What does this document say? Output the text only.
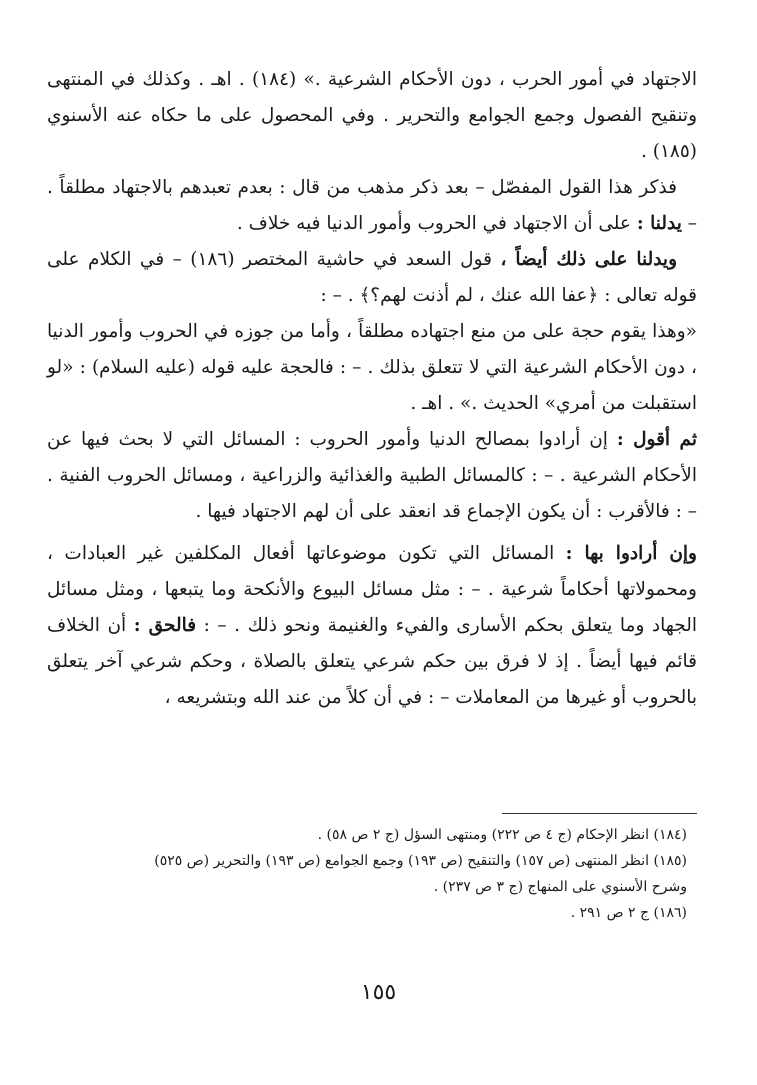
الاجتهاد في أمور الحرب ، دون الأحكام الشرعية .» (١٨٤) . اهـ . وكذلك في المنتهى وتنقيح الفصول وجمع الجوامع والتحرير . وفي المحصول على ما حكاه عنه الأسنوي (١٨٥) .

فذكر هذا القول المفصّل – بعد ذكر مذهب من قال : بعدم تعبدهم بالاجتهاد مطلقاً . – يدلنا : على أن الاجتهاد في الحروب وأمور الدنيا فيه خلاف .

ويدلنا على ذلك أيضاً ، قول السعد في حاشية المختصر (١٨٦) – في الكلام على قوله تعالى : ﴿عفا الله عنك ، لم أذنت لهم؟﴾ . – :

«وهذا يقوم حجة على من منع اجتهاده مطلقاً ، وأما من جوزه في الحروب وأمور الدنيا ، دون الأحكام الشرعية التي لا تتعلق بذلك . – : فالحجة عليه قوله (عليه السلام) : «لو استقبلت من أمري» الحديث .» . اهـ .

ثم أقول : إن أرادوا بمصالح الدنيا وأمور الحروب : المسائل التي لا بحث فيها عن الأحكام الشرعية . – : كالمسائل الطبية والغذائية والزراعية ، ومسائل الحروب الفنية . – : فالأقرب : أن يكون الإجماع قد انعقد على أن لهم الاجتهاد فيها .

وإن أرادوا بها : المسائل التي تكون موضوعاتها أفعال المكلفين غير العبادات ، ومحمولاتها أحكاماً شرعية . – : مثل مسائل البيوع والأنكحة وما يتبعها ، ومثل مسائل الجهاد وما يتعلق بحكم الأسارى والفيء والغنيمة ونحو ذلك . – : فالحق : أن الخلاف قائم فيها أيضاً . إذ لا فرق بين حكم شرعي يتعلق بالصلاة ، وحكم شرعي آخر يتعلق بالحروب أو غيرها من المعاملات – : في أن كلاً من عند الله وبتشريعه ،

(١٨٤) انظر الإحكام (ج ٤ ص ٢٢٢) ومنتهى السؤل (ج ٢ ص ٥٨) .

(١٨٥) انظر المنتهى (ص ١٥٧) والتنقيح (ص ١٩٣) وجمع الجوامع (ص ١٩٣) والتحرير (ص ٥٢٥)

وشرح الأسنوي على المنهاج (ج ٣ ص ٢٣٧) .

(١٨٦) ج ٢ ص ٢٩١ .

١٥٥
